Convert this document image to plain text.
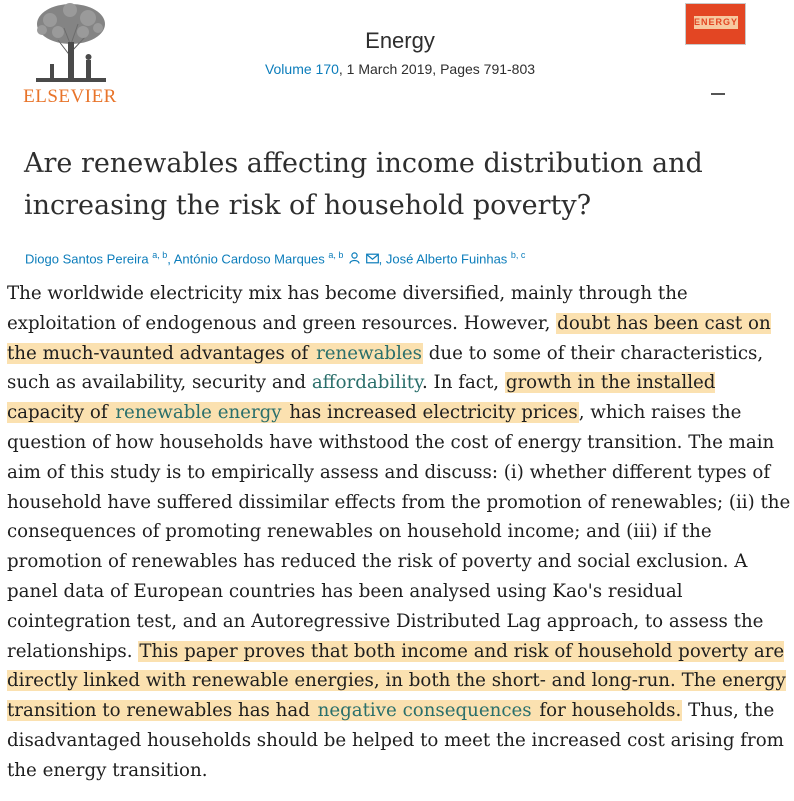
ELSEVIER
Energy
Volume 170, 1 March 2019, Pages 791-803
ENERGY
Are renewables affecting income distribution and increasing the risk of household poverty?
Diogo Santos Pereira $^{a, b}$, António Cardoso Marques $^{a, b}$	, José Alberto Fuinhas $^{b, c}$

The worldwide electricity mix has become diversified, mainly through the exploitation of endogenous and green resources. However, doubt has been cast on the much-vaunted advantages of renewables due to some of their characteristics, such as availability, security and affordability. In fact, growth in the installed capacity of renewable energy has increased electricity prices, which raises the question of how households have withstood the cost of energy transition. The main aim of this study is to empirically assess and discuss: (i) whether different types of household have suffered dissimilar effects from the promotion of renewables; (ii) the consequences of promoting renewables on household income; and (iii) if the promotion of renewables has reduced the risk of poverty and social exclusion. A panel data of European countries has been analysed using Kao's residual cointegration test, and an Autoregressive Distributed Lag approach, to assess the relationships. This paper proves that both income and risk of household poverty are directly linked with renewable energies, in both the short- and long-run. The energy transition to renewables has had negative consequences for households. Thus, the disadvantaged households should be helped to meet the increased cost arising from the energy transition.
